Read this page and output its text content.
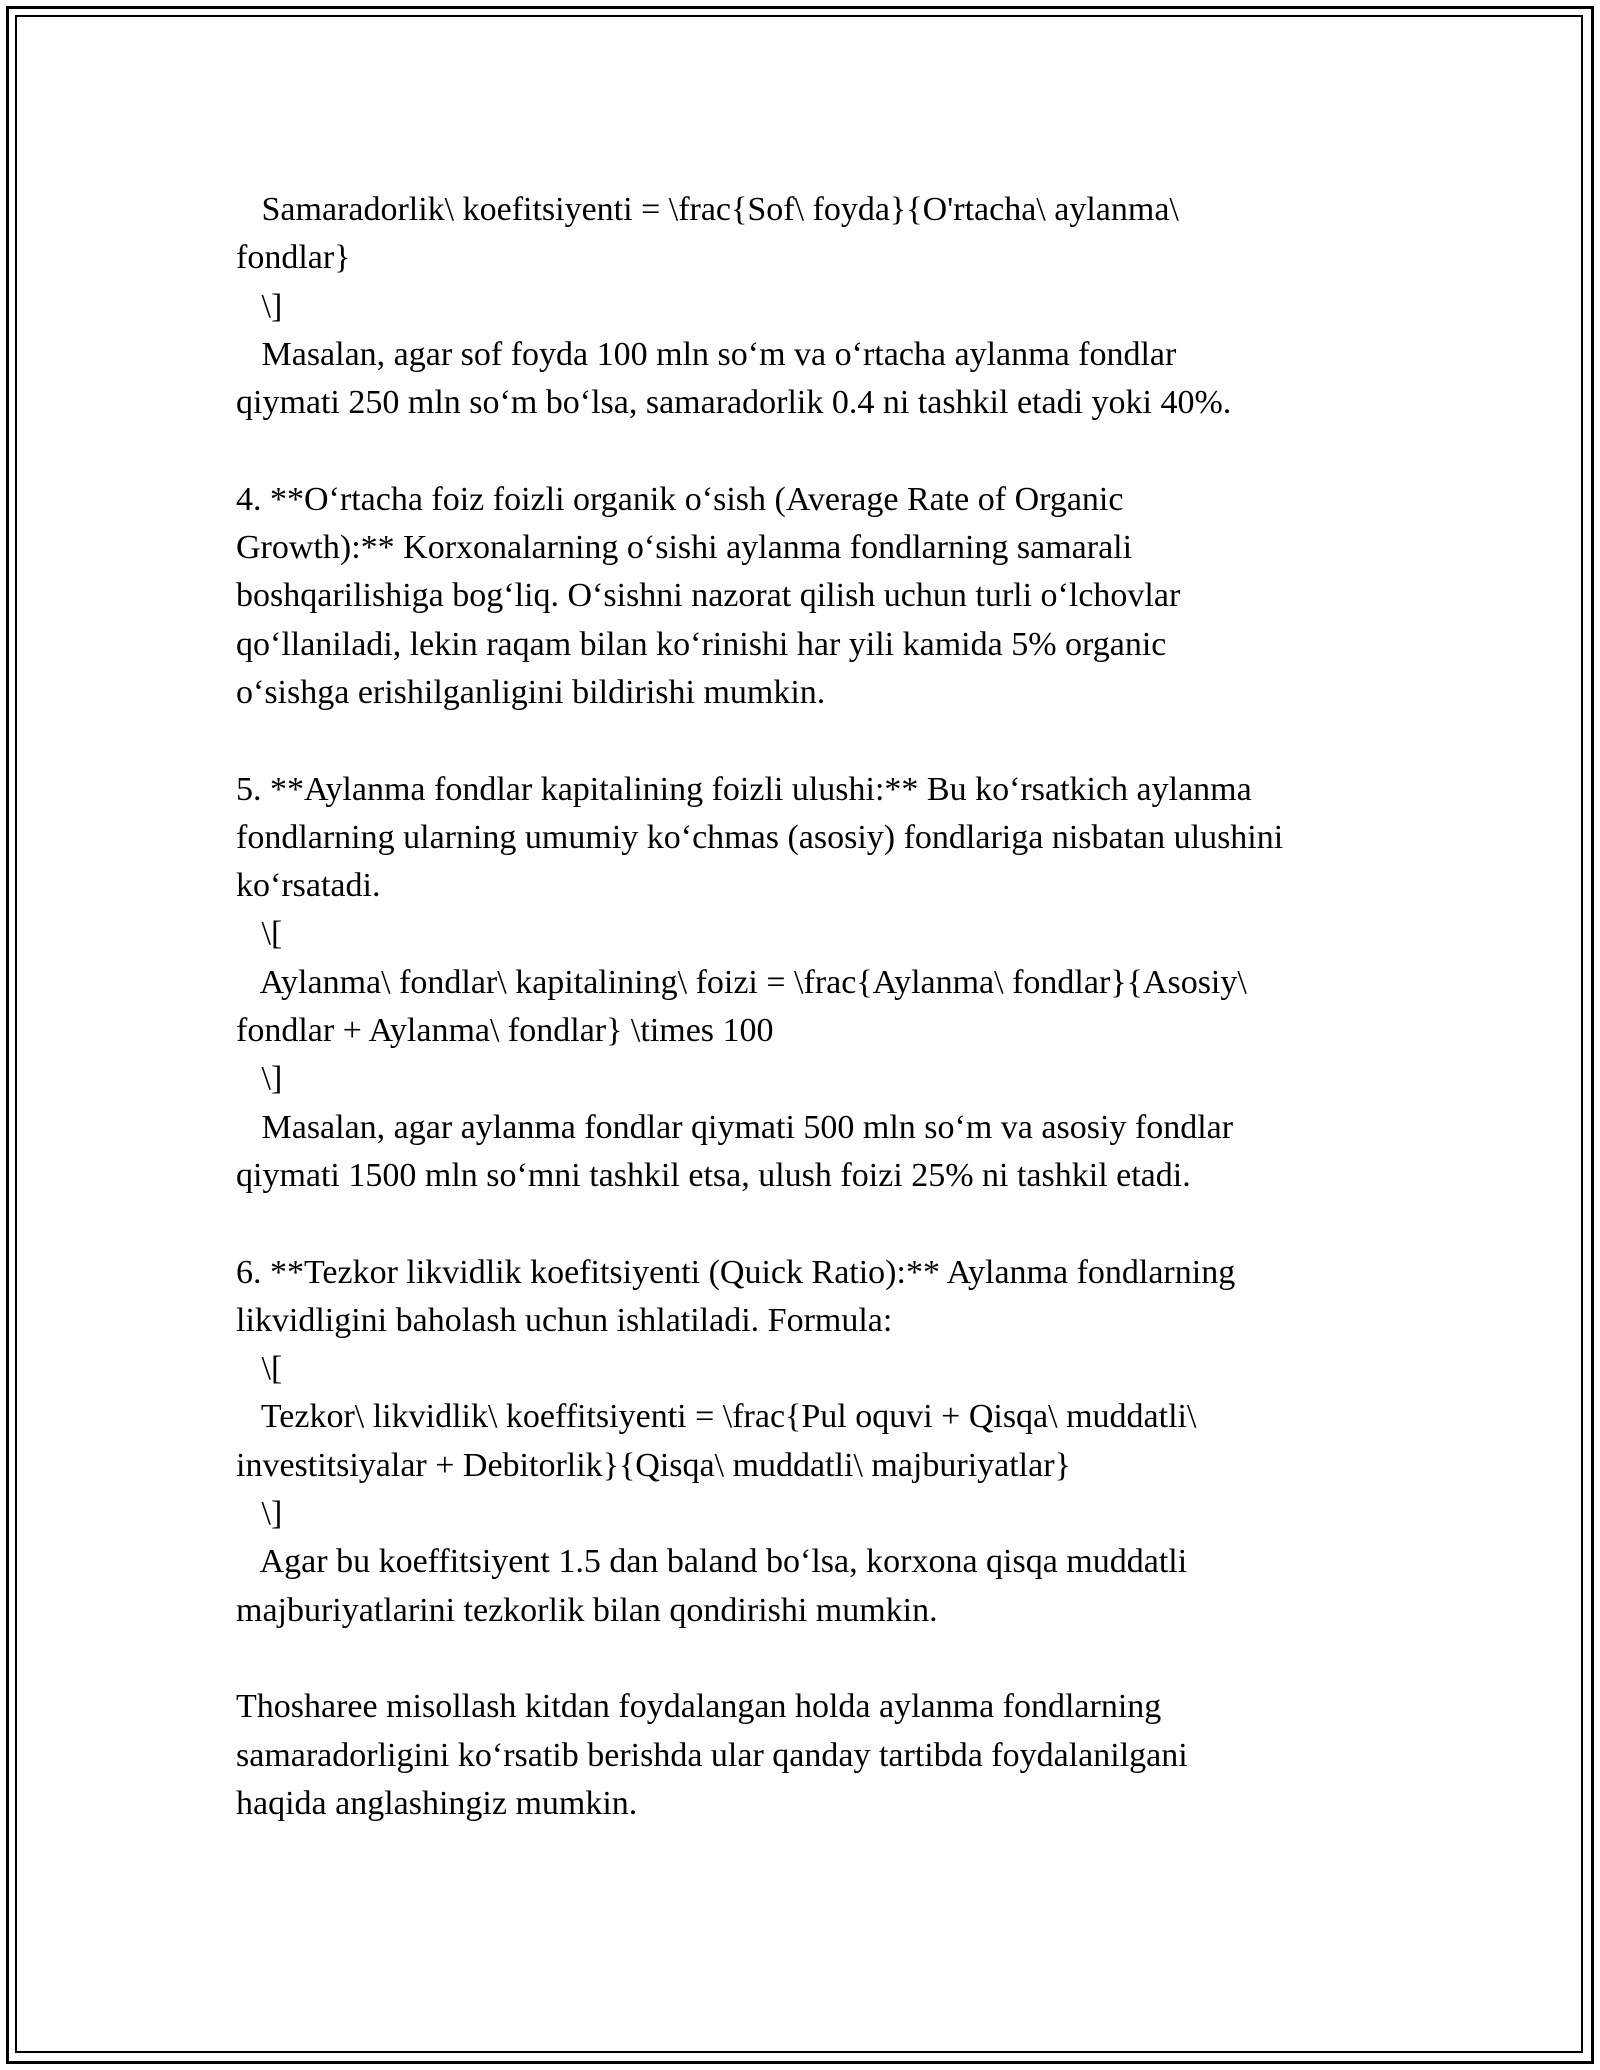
Samaradorlik\ koefitsiyenti = \frac{Sof\ foyda}{O'rtacha\ aylanma\
fondlar}
\]
Masalan, agar sof foyda 100 mln so‘m va o‘rtacha aylanma fondlar
qiymati 250 mln so‘m bo‘lsa, samaradorlik 0.4 ni tashkil etadi yoki 40%.
4. **O‘rtacha foiz foizli organik o‘sish (Average Rate of Organic
Growth):** Korxonalarning o‘sishi aylanma fondlarning samarali
boshqarilishiga bog‘liq. O‘sishni nazorat qilish uchun turli o‘lchovlar
qo‘llaniladi, lekin raqam bilan ko‘rinishi har yili kamida 5% organic
o‘sishga erishilganligini bildirishi mumkin.
5. **Aylanma fondlar kapitalining foizli ulushi:** Bu ko‘rsatkich aylanma
fondlarning ularning umumiy ko‘chmas (asosiy) fondlariga nisbatan ulushini
ko‘rsatadi.
\[
Aylanma\ fondlar\ kapitalining\ foizi = \frac{Aylanma\ fondlar}{Asosiy\
fondlar + Aylanma\ fondlar} \times 100
\]
Masalan, agar aylanma fondlar qiymati 500 mln so‘m va asosiy fondlar
qiymati 1500 mln so‘mni tashkil etsa, ulush foizi 25% ni tashkil etadi.
6. **Tezkor likvidlik koefitsiyenti (Quick Ratio):** Aylanma fondlarning
likvidligini baholash uchun ishlatiladi. Formula:
\[
Tezkor\ likvidlik\ koeffitsiyenti = \frac{Pul oquvi + Qisqa\ muddatli\
investitsiyalar + Debitorlik}{Qisqa\ muddatli\ majburiyatlar}
\]
Agar bu koeffitsiyent 1.5 dan baland bo‘lsa, korxona qisqa muddatli
majburiyatlarini tezkorlik bilan qondirishi mumkin.
Thosharee misollash kitdan foydalangan holda aylanma fondlarning
samaradorligini ko‘rsatib berishda ular qanday tartibda foydalanilgani
haqida anglashingiz mumkin.
